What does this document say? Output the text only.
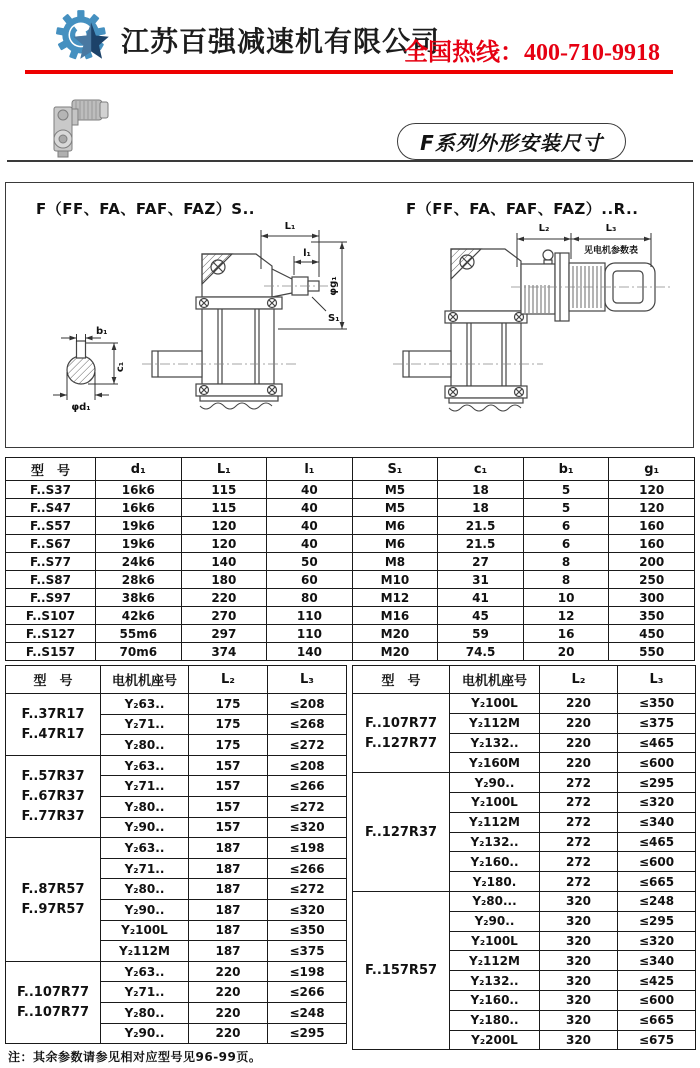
江苏百强减速机有限公司
全国热线：400-710-9918
F系列外形安装尺寸
F（FF、FA、FAF、FAZ）S..	F（FF、FA、FAF、FAZ）..R..
b₁
c₁
φd₁
L₁
l₁
φg₁
S₁
L₂	L₃
见电机参数表
型　号	d₁	L₁	l₁	S₁	c₁	b₁	g₁
F..S37	16k6	115	40	M5	18	5	120
F..S47	16k6	115	40	M5	18	5	120
F..S57	19k6	120	40	M6	21.5	6	160
F..S67	19k6	120	40	M6	21.5	6	160
F..S77	24k6	140	50	M8	27	8	200
F..S87	28k6	180	60	M10	31	8	250
F..S97	38k6	220	80	M12	41	10	300
F..S107	42k6	270	110	M16	45	12	350
F..S127	55m6	297	110	M20	59	16	450
F..S157	70m6	374	140	M20	74.5	20	550
型　号	电机机座号	L₂	L₃

F..37R17
F..47R17	Y₂63..	175	≤208
	Y₂71..	175	≤268
	Y₂80..	175	≤272

F..57R37
F..67R37
F..77R37	Y₂63..	157	≤208
	Y₂71..	157	≤266
	Y₂80..	157	≤272
	Y₂90..	157	≤320

F..87R57
F..97R57	Y₂63..	187	≤198
	Y₂71..	187	≤266
	Y₂80..	187	≤272
	Y₂90..	187	≤320
	Y₂100L	187	≤350
	Y₂112M	187	≤375

F..107R77
F..107R77	Y₂63..	220	≤198
	Y₂71..	220	≤266
	Y₂80..	220	≤248
	Y₂90..	220	≤295
型　号	电机机座号	L₂	L₃

F..107R77
F..127R77	Y₂100L	220	≤350
	Y₂112M	220	≤375
	Y₂132..	220	≤465
	Y₂160M	220	≤600

F..127R37	Y₂90..	272	≤295
	Y₂100L	272	≤320
	Y₂112M	272	≤340
	Y₂132..	272	≤465
	Y₂160..	272	≤600
	Y₂180.	272	≤665

F..157R57	Y₂80...	320	≤248
	Y₂90..	320	≤295
	Y₂100L	320	≤320
	Y₂112M	320	≤340
	Y₂132..	320	≤425
	Y₂160..	320	≤600
	Y₂180..	320	≤665
	Y₂200L	320	≤675
注：其余参数请参见相对应型号见96-99页。
